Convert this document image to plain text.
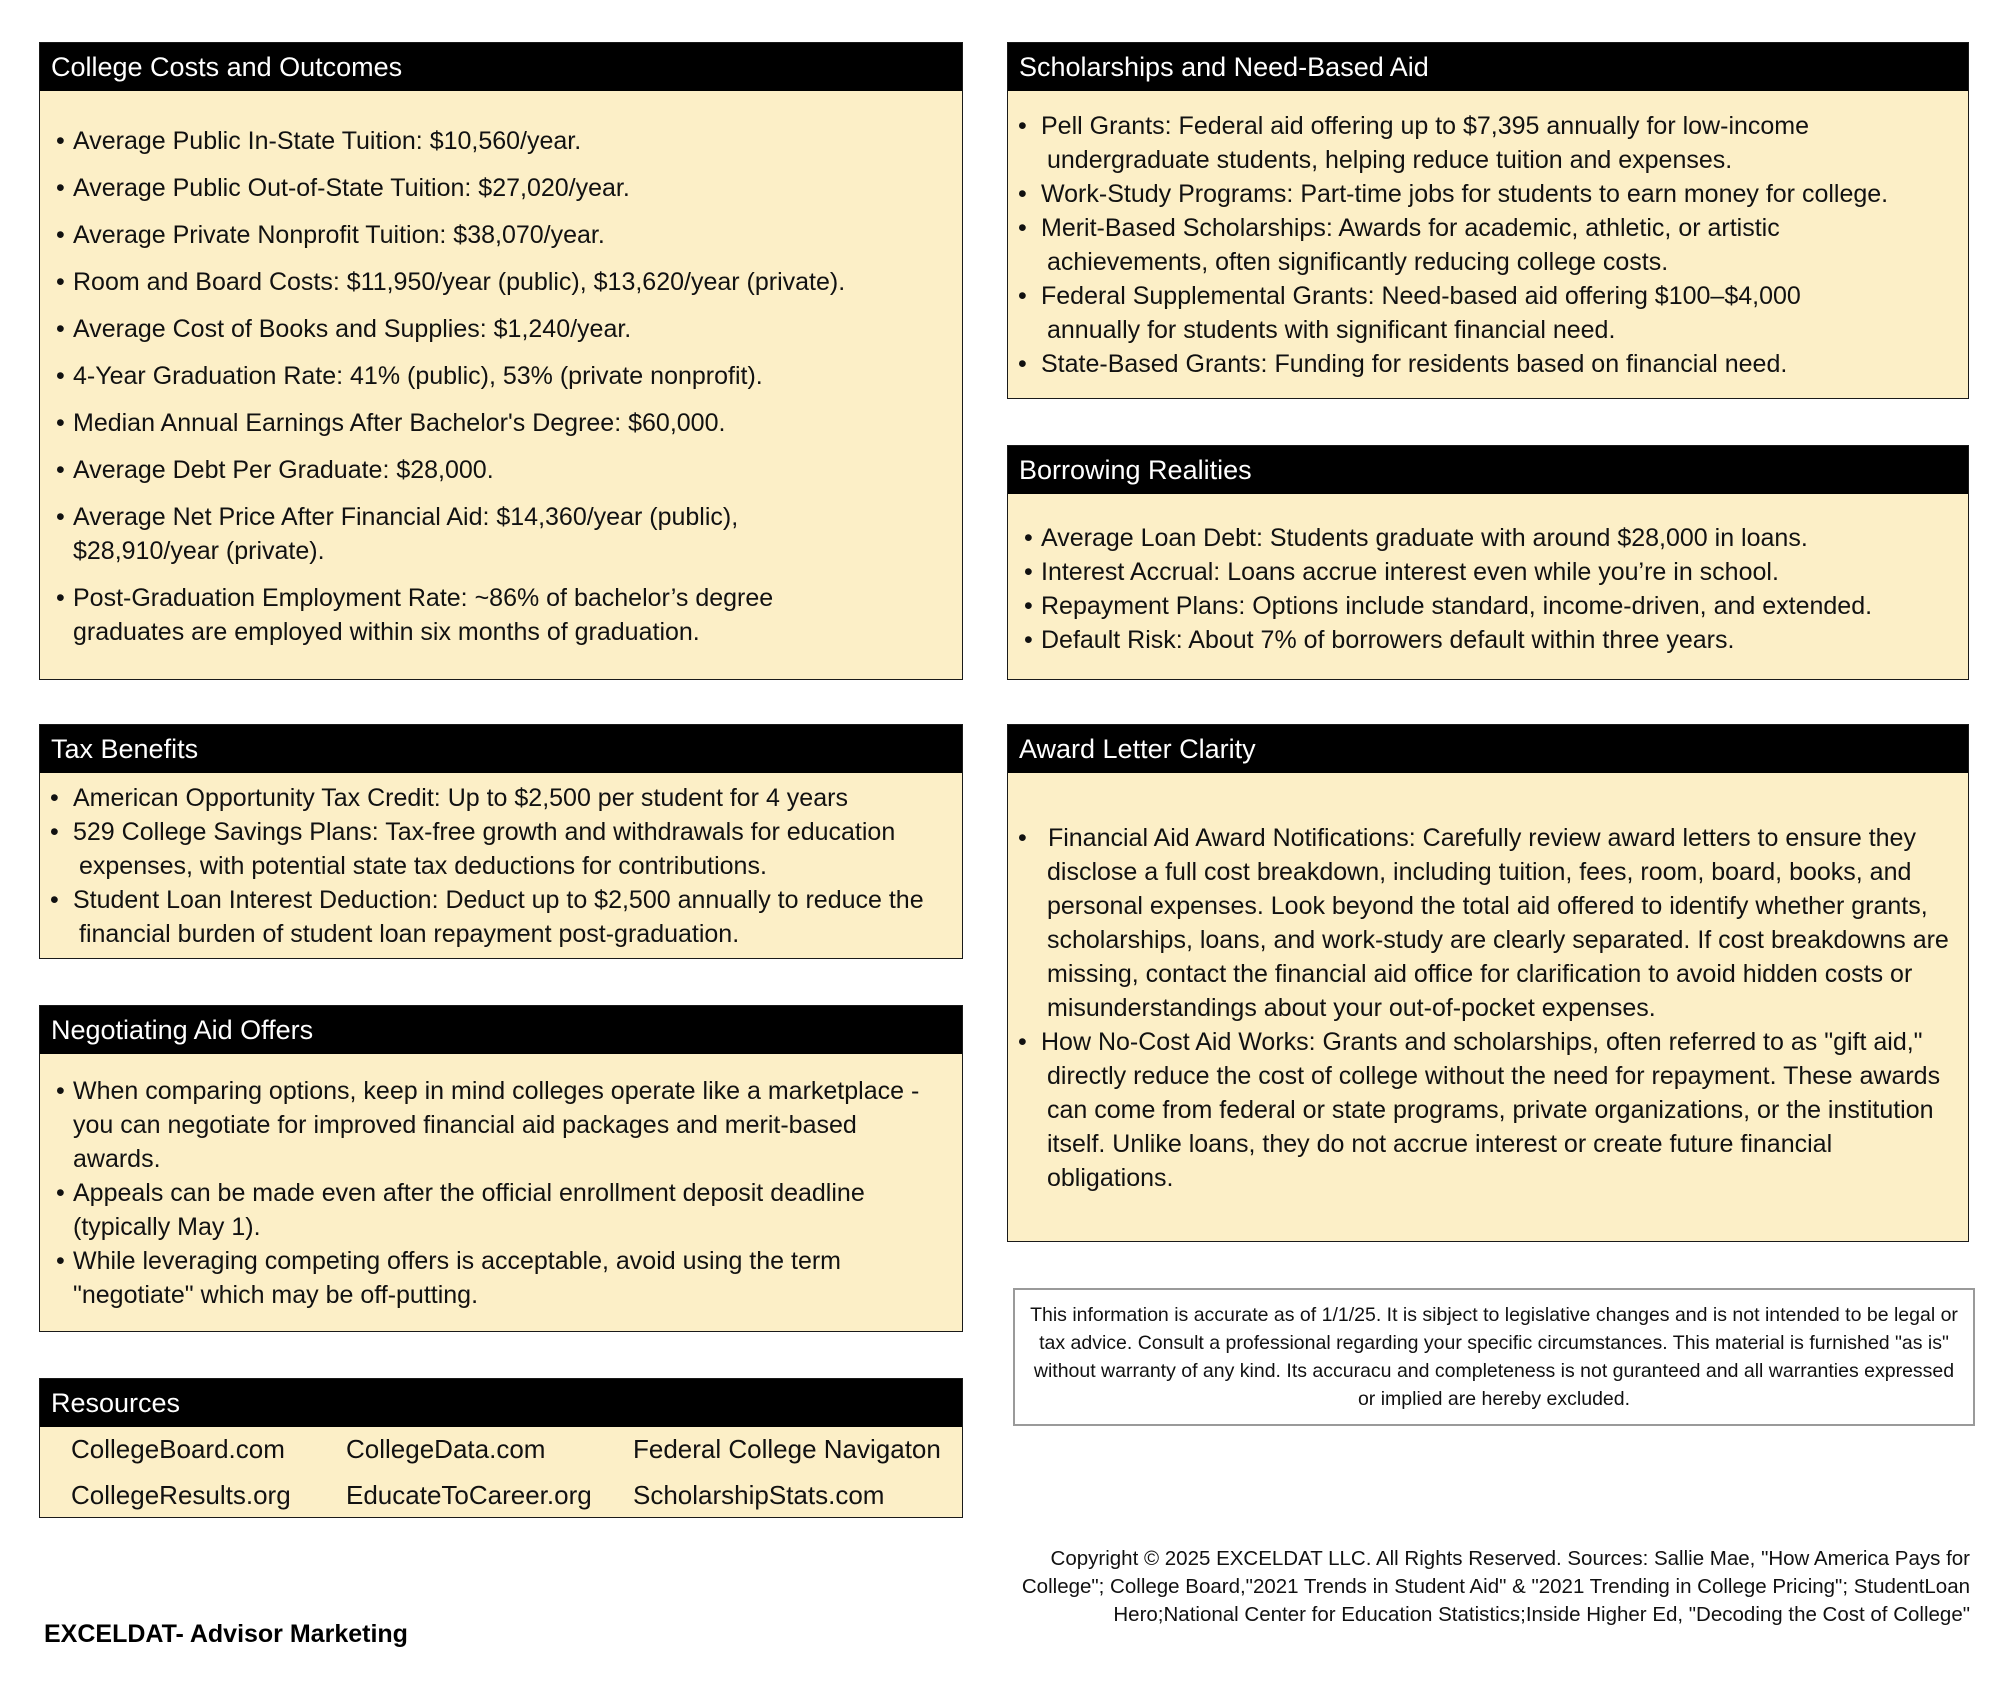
College Costs and Outcomes
• Average Public In-State Tuition: $10,560/year.
• Average Public Out-of-State Tuition: $27,020/year.
• Average Private Nonprofit Tuition: $38,070/year.
• Room and Board Costs: $11,950/year (public), $13,620/year (private).
• Average Cost of Books and Supplies: $1,240/year.
• 4-Year Graduation Rate: 41% (public), 53% (private nonprofit).
• Median Annual Earnings After Bachelor's Degree: $60,000.
• Average Debt Per Graduate: $28,000.
• Average Net Price After Financial Aid: $14,360/year (public), $28,910/year (private).
• Post-Graduation Employment Rate: ~86% of bachelor’s degree graduates are employed within six months of graduation.
Scholarships and Need-Based Aid
• Pell Grants: Federal aid offering up to $7,395 annually for low-income undergraduate students, helping reduce tuition and expenses.
• Work-Study Programs: Part-time jobs for students to earn money for college.
• Merit-Based Scholarships: Awards for academic, athletic, or artistic achievements, often significantly reducing college costs.
• Federal Supplemental Grants: Need-based aid offering $100–$4,000 annually for students with significant financial need.
• State-Based Grants: Funding for residents based on financial need.
Borrowing Realities
• Average Loan Debt: Students graduate with around $28,000 in loans.
• Interest Accrual: Loans accrue interest even while you’re in school.
• Repayment Plans: Options include standard, income-driven, and extended.
• Default Risk: About 7% of borrowers default within three years.
Tax Benefits
• American Opportunity Tax Credit: Up to $2,500 per student for 4 years
• 529 College Savings Plans: Tax-free growth and withdrawals for education expenses, with potential state tax deductions for contributions.
• Student Loan Interest Deduction: Deduct up to $2,500 annually to reduce the financial burden of student loan repayment post-graduation.
Award Letter Clarity
•  Financial Aid Award Notifications: Carefully review award letters to ensure they disclose a full cost breakdown, including tuition, fees, room, board, books, and personal expenses. Look beyond the total aid offered to identify whether grants, scholarships, loans, and work-study are clearly separated. If cost breakdowns are missing, contact the financial aid office for clarification to avoid hidden costs or misunderstandings about your out-of-pocket expenses.
• How No-Cost Aid Works: Grants and scholarships, often referred to as "gift aid," directly reduce the cost of college without the need for repayment. These awards can come from federal or state programs, private organizations, or the institution itself. Unlike loans, they do not accrue interest or create future financial obligations.
Negotiating Aid Offers
• When comparing options, keep in mind colleges operate like a marketplace - you can negotiate for improved financial aid packages and merit-based awards.
• Appeals can be made even after the official enrollment deposit deadline (typically May 1).
• While leveraging competing offers is acceptable, avoid using the term "negotiate" which may be off-putting.
Resources
CollegeBoard.com	CollegeData.com	Federal College Navigaton
CollegeResults.org	EducateToCareer.org	ScholarshipStats.com
This information is accurate as of 1/1/25. It is sibject to legislative changes and is not intended to be legal or tax advice. Consult a professional regarding your specific circumstances. This material is furnished "as is" without warranty of any kind. Its accuracu and completeness is not guranteed and all warranties expressed or implied are hereby excluded.
Copyright © 2025 EXCELDAT LLC. All Rights Reserved. Sources: Sallie Mae, "How America Pays for College"; College Board,"2021 Trends in Student Aid" & "2021 Trending in College Pricing"; StudentLoan Hero;National Center for Education Statistics;Inside Higher Ed, "Decoding the Cost of College"
EXCELDAT- Advisor Marketing
